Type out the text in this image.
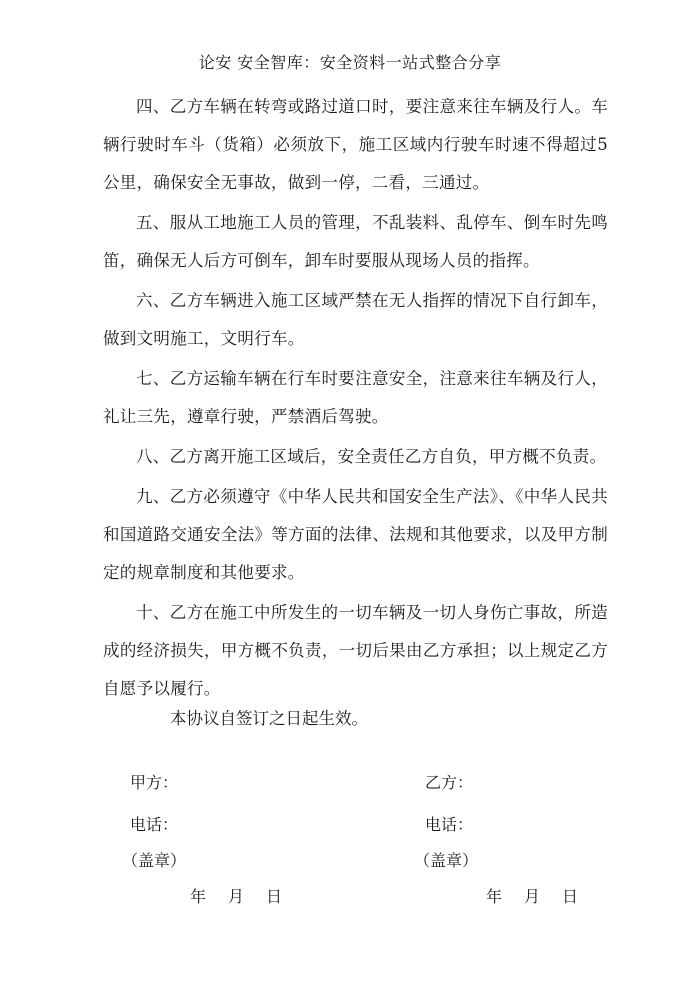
论安 安全智库：安全资料一站式整合分享

四、乙方车辆在转弯或路过道口时，要注意来往车辆及行人。车辆行驶时车斗（货箱）必须放下，施工区域内行驶车时速不得超过5公里，确保安全无事故，做到一停，二看，三通过。

五、服从工地施工人员的管理，不乱装料、乱停车、倒车时先鸣笛，确保无人后方可倒车，卸车时要服从现场人员的指挥。

六、乙方车辆进入施工区域严禁在无人指挥的情况下自行卸车，做到文明施工，文明行车。

七、乙方运输车辆在行车时要注意安全，注意来往车辆及行人，礼让三先，遵章行驶，严禁酒后驾驶。

八、乙方离开施工区域后，安全责任乙方自负，甲方概不负责。

九、乙方必须遵守《中华人民共和国安全生产法》、《中华人民共和国道路交通安全法》等方面的法律、法规和其他要求，以及甲方制定的规章制度和其他要求。

十、乙方在施工中所发生的一切车辆及一切人身伤亡事故，所造成的经济损失，甲方概不负责，一切后果由乙方承担；以上规定乙方自愿予以履行。

本协议自签订之日起生效。
甲方：
电话：
（盖章）
年 月 日
乙方：
电话：
（盖章）
年 月 日
